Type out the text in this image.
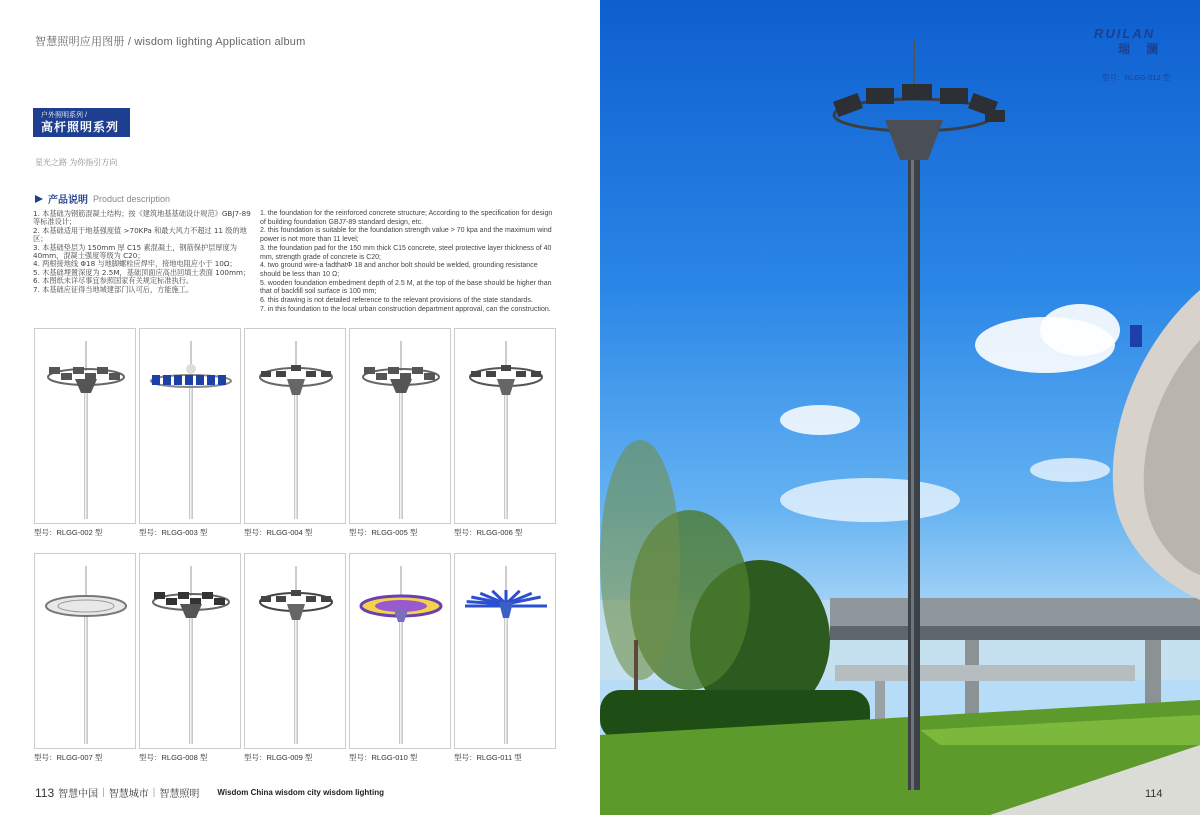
智慧照明应用图册 / wisdom lighting Application album
户外照明系列 /
高杆照明系列
星光之路 为你指引方向
产品说明 Product description
1. 本基础为钢筋混凝土结构；按《建筑地基基础设计规范》GBJ7-89 等标准设计；
2. 本基础适用于地基强度值 >70KPa 和最大风力不超过 11 级的地区；
3. 本基础垫层为 150mm 厚 C15 素混凝土，钢筋保护层厚度为 40mm，混凝土强度等级为 C20；
4. 两根接地线 Φ18 与地脚螺栓应焊牢，接地电阻应小于 10Ω；
5. 木基础埋置深度为 2.5M，基础顶面应高出回填土表面 100mm；
6. 本图纸未详尽事宜参照国家有关规定标准执行。
7. 本基础应征得当地城建部门认可后，方能施工。
1. the foundation for the reinforced concrete structure; According to the specification for design of building foundation GBJ7-89 standard design, etc.
2. this foundation is suitable for the foundation strength value > 70 kpa and the maximum wind power is not more than 11 level;
3. the foundation pad for the 150 mm thick C15 concrete, steel protective layer thickness of 40 mm, strength grade of concrete is C20;
4. two ground wire-a fadthatΦ 18 and anchor bolt should be welded, grounding resistance should be less than 10 Ω;
5. wooden foundation embedment depth of 2.5 M, at the top of the base should be higher than that of backfill soil surface is 100 mm;
6. this drawing is not detailed reference to the relevant provisions of the state standards.
7. in this foundation to the local urban construction department approval, can the construction.
型号：RLGG-002 型	型号：RLGG-003 型	型号：RLGG-004 型	型号：RLGG-005 型	型号：RLGG-006 型
型号：RLGG-007 型	型号：RLGG-008 型	型号：RLGG-009 型	型号：RLGG-010 型	型号：RLGG-011 型
113 智慧中国 | 智慧城市 | 智慧照明 Wisdom China wisdom city wisdom lighting
RUILAN
瑞 澜
型号：RLGG-012 型
114
